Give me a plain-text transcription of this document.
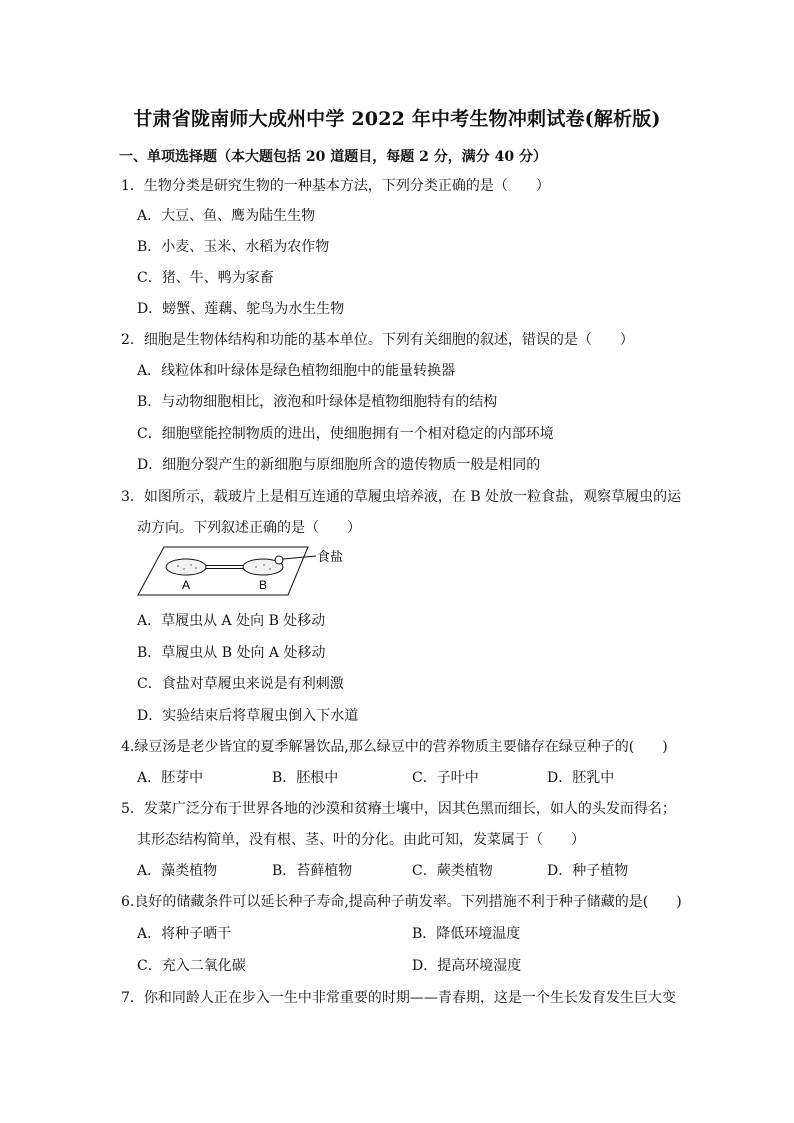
甘肃省陇南师大成州中学 2022 年中考生物冲刺试卷(解析版)
一、单项选择题（本大题包括 20 道题目，每题 2 分，满分 40 分）
1．生物分类是研究生物的一种基本方法，下列分类正确的是（　　）
A．大豆、鱼、鹰为陆生生物
B．小麦、玉米、水稻为农作物
C．猪、牛、鸭为家畜
D．螃蟹、莲藕、鸵鸟为水生生物
2．细胞是生物体结构和功能的基本单位。下列有关细胞的叙述，错误的是（　　）
A．线粒体和叶绿体是绿色植物细胞中的能量转换器
B．与动物细胞相比，液泡和叶绿体是植物细胞特有的结构
C．细胞壁能控制物质的进出，使细胞拥有一个相对稳定的内部环境
D．细胞分裂产生的新细胞与原细胞所含的遗传物质一般是相同的
3．如图所示，载玻片上是相互连通的草履虫培养液，在 B 处放一粒食盐，观察草履虫的运
动方向。下列叙述正确的是（　　）
A	B
食盐
A．草履虫从 A 处向 B 处移动
B．草履虫从 B 处向 A 处移动
C．食盐对草履虫来说是有利刺激
D．实验结束后将草履虫倒入下水道
4.绿豆汤是老少皆宜的夏季解暑饮品,那么绿豆中的营养物质主要储存在绿豆种子的(　　)
A．胚芽中	B．胚根中	C．子叶中	D．胚乳中
5．发菜广泛分布于世界各地的沙漠和贫瘠土壤中，因其色黑而细长，如人的头发而得名；
其形态结构简单，没有根、茎、叶的分化。由此可知，发菜属于（　　）
A．藻类植物	B．苔藓植物	C．蕨类植物	D．种子植物
6.良好的储藏条件可以延长种子寿命,提高种子萌发率。下列措施不利于种子储藏的是(　　)
A．将种子晒干	B．降低环境温度
C．充入二氧化碳	D．提高环境湿度
7．你和同龄人正在步入一生中非常重要的时期——青春期，这是一个生长发育发生巨大变
